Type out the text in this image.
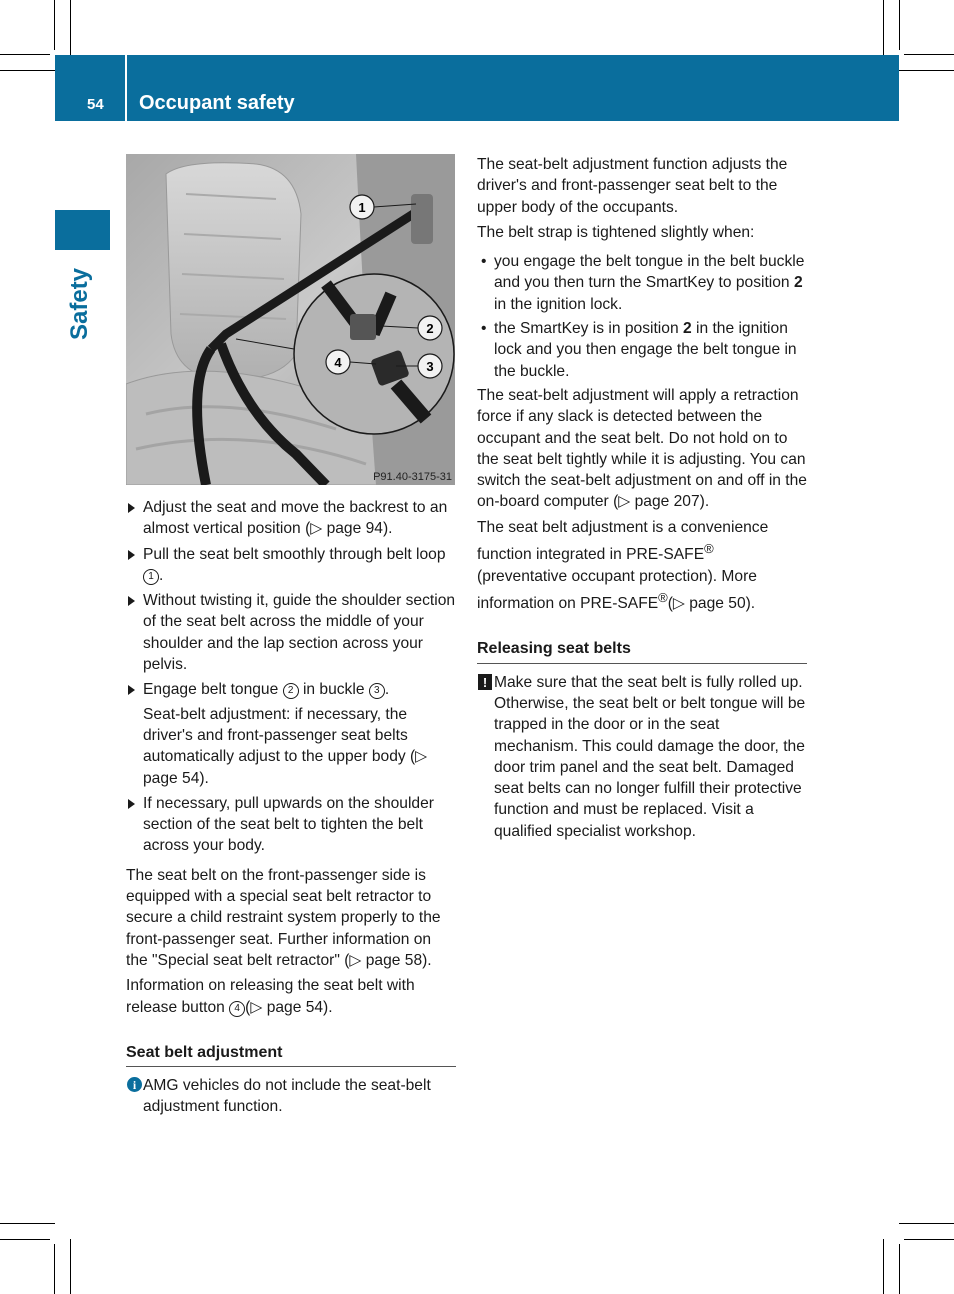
54 Occupant safety
Safety
1
2
3
4
P91.40-3175-31
Adjust the seat and move the backrest to an almost vertical position (▷ page 94).
Pull the seat belt smoothly through belt loop 1 .
Without twisting it, guide the shoulder section of the seat belt across the middle of your shoulder and the lap section across your pelvis.
Engage belt tongue 2 in buckle 3 .
Seat-belt adjustment: if necessary, the driver's and front-passenger seat belts automatically adjust to the upper body (▷ page 54).
If necessary, pull upwards on the shoulder section of the seat belt to tighten the belt across your body.

The seat belt on the front-passenger side is equipped with a special seat belt retractor to secure a child restraint system properly to the front-passenger seat. Further information on the "Special seat belt retractor" (▷ page 58).

Information on releasing the seat belt with release button 4 (▷ page 54).

Seat belt adjustment
i AMG vehicles do not include the seat-belt adjustment function.

The seat-belt adjustment function adjusts the driver's and front-passenger seat belt to the upper body of the occupants.

The belt strap is tightened slightly when:

• you engage the belt tongue in the belt buckle and you then turn the SmartKey to position 2 in the ignition lock.
• the SmartKey is in position 2 in the ignition lock and you then engage the belt tongue in the buckle.

The seat-belt adjustment will apply a retraction force if any slack is detected between the occupant and the seat belt. Do not hold on to the seat belt tightly while it is adjusting. You can switch the seat-belt adjustment on and off in the on-board computer (▷ page 207).

The seat belt adjustment is a convenience function integrated in PRE-SAFE® (preventative occupant protection). More information on PRE-SAFE®(▷ page 50).

Releasing seat belts
! Make sure that the seat belt is fully rolled up. Otherwise, the seat belt or belt tongue will be trapped in the door or in the seat mechanism. This could damage the door, the door trim panel and the seat belt. Damaged seat belts can no longer fulfill their protective function and must be replaced. Visit a qualified specialist workshop.
